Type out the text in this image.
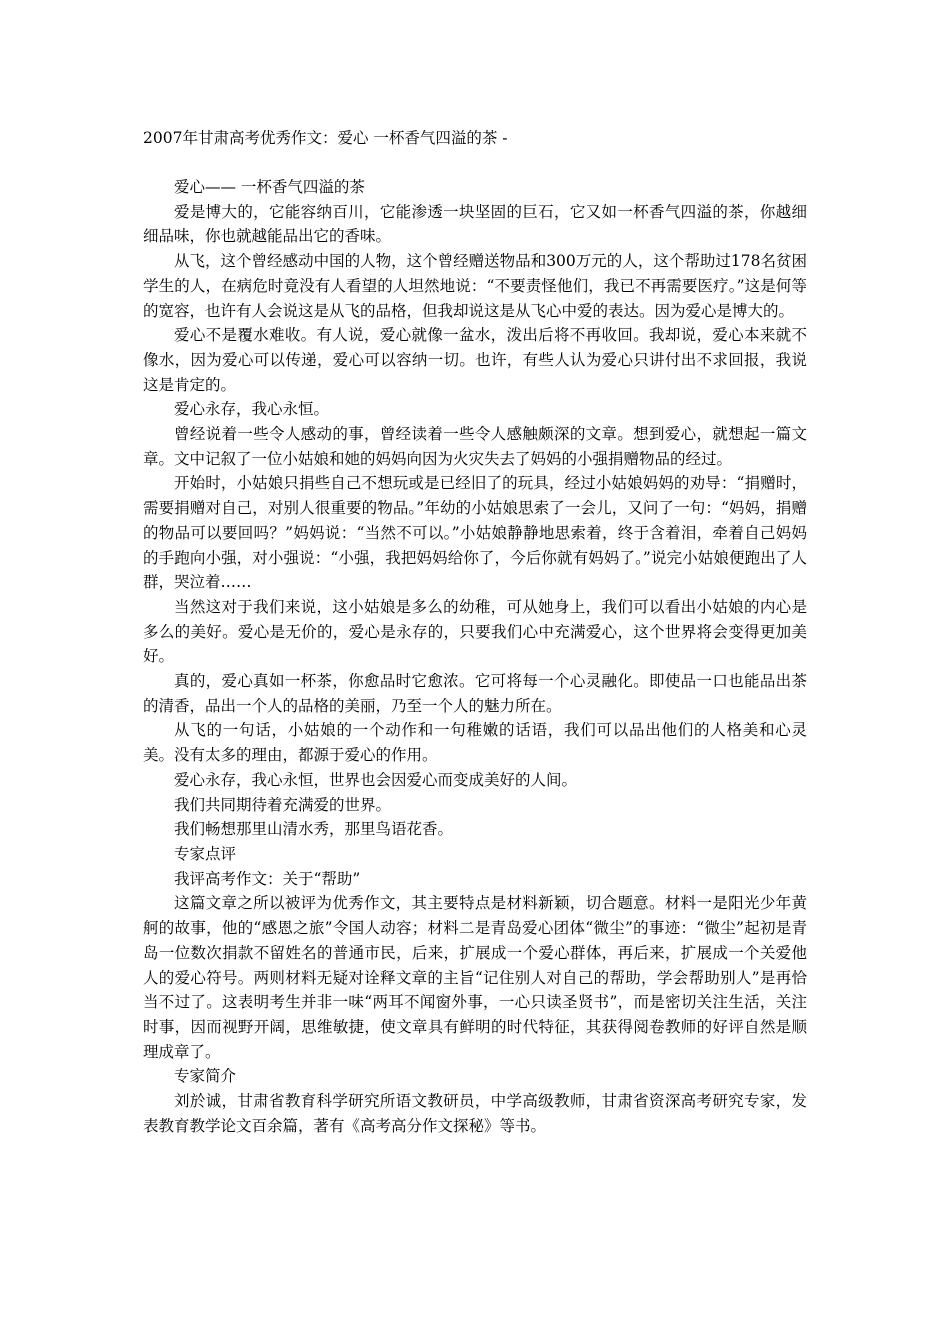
2007年甘肃高考优秀作文：爱心 一杯香气四溢的茶 -

爱心—— 一杯香气四溢的茶

爱是博大的，它能容纳百川，它能渗透一块坚固的巨石，它又如一杯香气四溢的茶，你越细细品味，你也就越能品出它的香味。

从飞，这个曾经感动中国的人物，这个曾经赠送物品和300万元的人，这个帮助过178名贫困学生的人，在病危时竟没有人看望的人坦然地说：“不要责怪他们，我已不再需要医疗。”这是何等的宽容，也许有人会说这是从飞的品格，但我却说这是从飞心中爱的表达。因为爱心是博大的。

爱心不是覆水难收。有人说，爱心就像一盆水，泼出后将不再收回。我却说，爱心本来就不像水，因为爱心可以传递，爱心可以容纳一切。也许，有些人认为爱心只讲付出不求回报，我说这是肯定的。

爱心永存，我心永恒。

曾经说着一些令人感动的事，曾经读着一些令人感触颇深的文章。想到爱心，就想起一篇文章。文中记叙了一位小姑娘和她的妈妈向因为火灾失去了妈妈的小强捐赠物品的经过。

开始时，小姑娘只捐些自己不想玩或是已经旧了的玩具，经过小姑娘妈妈的劝导：“捐赠时，需要捐赠对自己，对别人很重要的物品。”年幼的小姑娘思索了一会儿，又问了一句：“妈妈，捐赠的物品可以要回吗？”妈妈说：“当然不可以。”小姑娘静静地思索着，终于含着泪，牵着自己妈妈的手跑向小强，对小强说：“小强，我把妈妈给你了，今后你就有妈妈了。”说完小姑娘便跑出了人群，哭泣着……

当然这对于我们来说，这小姑娘是多么的幼稚，可从她身上，我们可以看出小姑娘的内心是多么的美好。爱心是无价的，爱心是永存的，只要我们心中充满爱心，这个世界将会变得更加美好。

真的，爱心真如一杯茶，你愈品时它愈浓。它可将每一个心灵融化。即使品一口也能品出茶的清香，品出一个人的品格的美丽，乃至一个人的魅力所在。

从飞的一句话，小姑娘的一个动作和一句稚嫩的话语，我们可以品出他们的人格美和心灵美。没有太多的理由，都源于爱心的作用。

爱心永存，我心永恒，世界也会因爱心而变成美好的人间。

我们共同期待着充满爱的世界。

我们畅想那里山清水秀，那里鸟语花香。

专家点评

我评高考作文：关于“帮助”

这篇文章之所以被评为优秀作文，其主要特点是材料新颖，切合题意。材料一是阳光少年黄舸的故事，他的“感恩之旅”令国人动容；材料二是青岛爱心团体“微尘”的事迹：“微尘”起初是青岛一位数次捐款不留姓名的普通市民，后来，扩展成一个爱心群体，再后来，扩展成一个关爱他人的爱心符号。两则材料无疑对诠释文章的主旨“记住别人对自己的帮助，学会帮助别人”是再恰当不过了。这表明考生并非一味“两耳不闻窗外事，一心只读圣贤书”，而是密切关注生活，关注时事，因而视野开阔，思维敏捷，使文章具有鲜明的时代特征，其获得阅卷教师的好评自然是顺理成章了。

专家简介

刘於诚，甘肃省教育科学研究所语文教研员，中学高级教师，甘肃省资深高考研究专家，发表教育教学论文百余篇，著有《高考高分作文探秘》等书。
